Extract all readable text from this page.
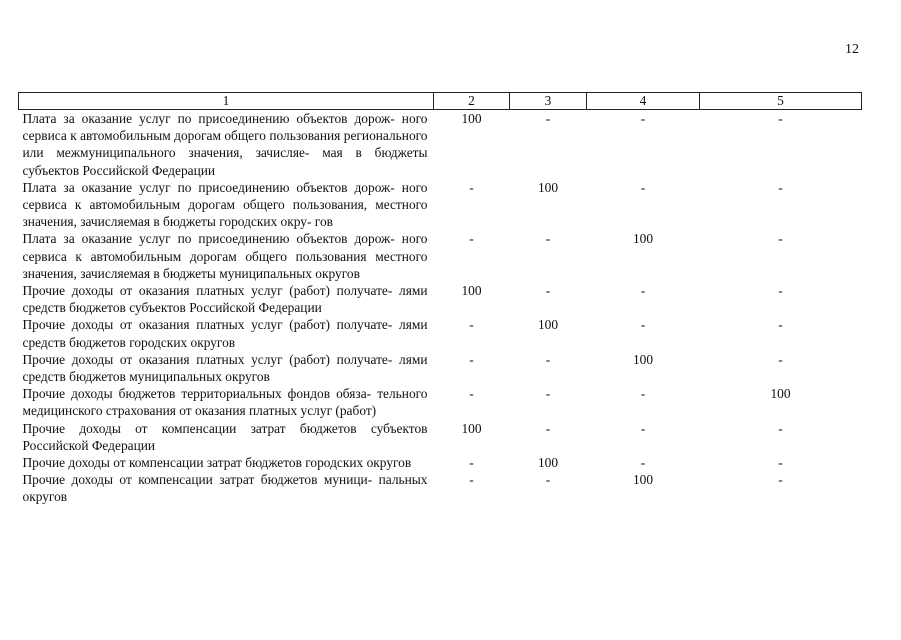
12
1	2	3	4	5
Плата за оказание услуг по присоединению объектов дорож- ного сервиса к автомобильным дорогам общего пользования регионального или межмуниципального значения, зачисляе- мая в бюджеты субъектов Российской Федерации	100	-	-	-
Плата за оказание услуг по присоединению объектов дорож- ного сервиса к автомобильным дорогам общего пользования, местного значения, зачисляемая в бюджеты городских окру- гов	-	100	-	-
Плата за оказание услуг по присоединению объектов дорож- ного сервиса к автомобильным дорогам общего пользования местного значения, зачисляемая в бюджеты муниципальных округов	-	-	100	-
Прочие доходы от оказания платных услуг (работ) получате- лями средств бюджетов субъектов Российской Федерации	100	-	-	-
Прочие доходы от оказания платных услуг (работ) получате- лями средств бюджетов городских округов	-	100	-	-
Прочие доходы от оказания платных услуг (работ) получате- лями средств бюджетов муниципальных округов	-	-	100	-
Прочие доходы бюджетов территориальных фондов обяза- тельного медицинского страхования от оказания платных услуг (работ)	-	-	-	100
Прочие доходы от компенсации затрат бюджетов субъектов Российской Федерации	100	-	-	-
Прочие доходы от компенсации затрат бюджетов городских округов	-	100	-	-
Прочие доходы от компенсации затрат бюджетов муници- пальных округов	-	-	100	-
